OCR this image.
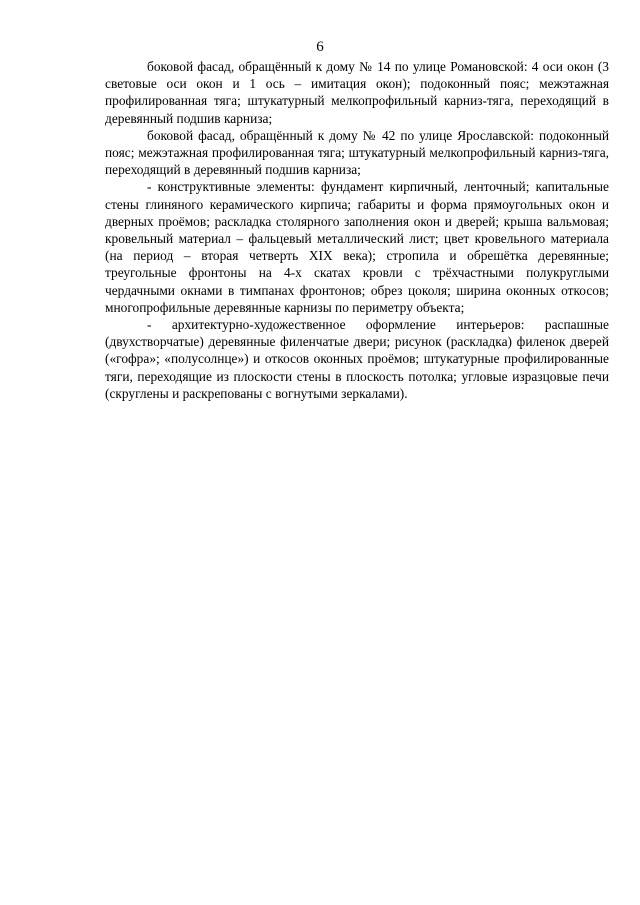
6

боковой фасад, обращённый к дому № 14 по улице Романовской: 4 оси окон (3 световые оси окон и 1 ось – имитация окон); подоконный пояс; межэтажная профилированная тяга; штукатурный мелкопрофильный карниз-тяга, переходящий в деревянный подшив карниза;

боковой фасад, обращённый к дому № 42 по улице Ярославской: подоконный пояс; межэтажная профилированная тяга; штукатурный мелкопрофильный карниз-тяга, переходящий в деревянный подшив карниза;

- конструктивные элементы: фундамент кирпичный, ленточный; капитальные стены глиняного керамического кирпича; габариты и форма прямоугольных окон и дверных проёмов; раскладка столярного заполнения окон и дверей; крыша вальмовая; кровельный материал – фальцевый металлический лист; цвет кровельного материала (на период – вторая четверть XIX века); стропила и обрешётка деревянные; треугольные фронтоны на 4-х скатах кровли с трёхчастными полукруглыми чердачными окнами в тимпанах фронтонов; обрез цоколя; ширина оконных откосов; многопрофильные деревянные карнизы по периметру объекта;

- архитектурно-художественное оформление интерьеров: распашные (двухстворчатые) деревянные филенчатые двери; рисунок (раскладка) филенок дверей («гофра»; «полусолнце») и откосов оконных проёмов; штукатурные профилированные тяги, переходящие из плоскости стены в плоскость потолка; угловые изразцовые печи (скруглены и раскрепованы с вогнутыми зеркалами).
